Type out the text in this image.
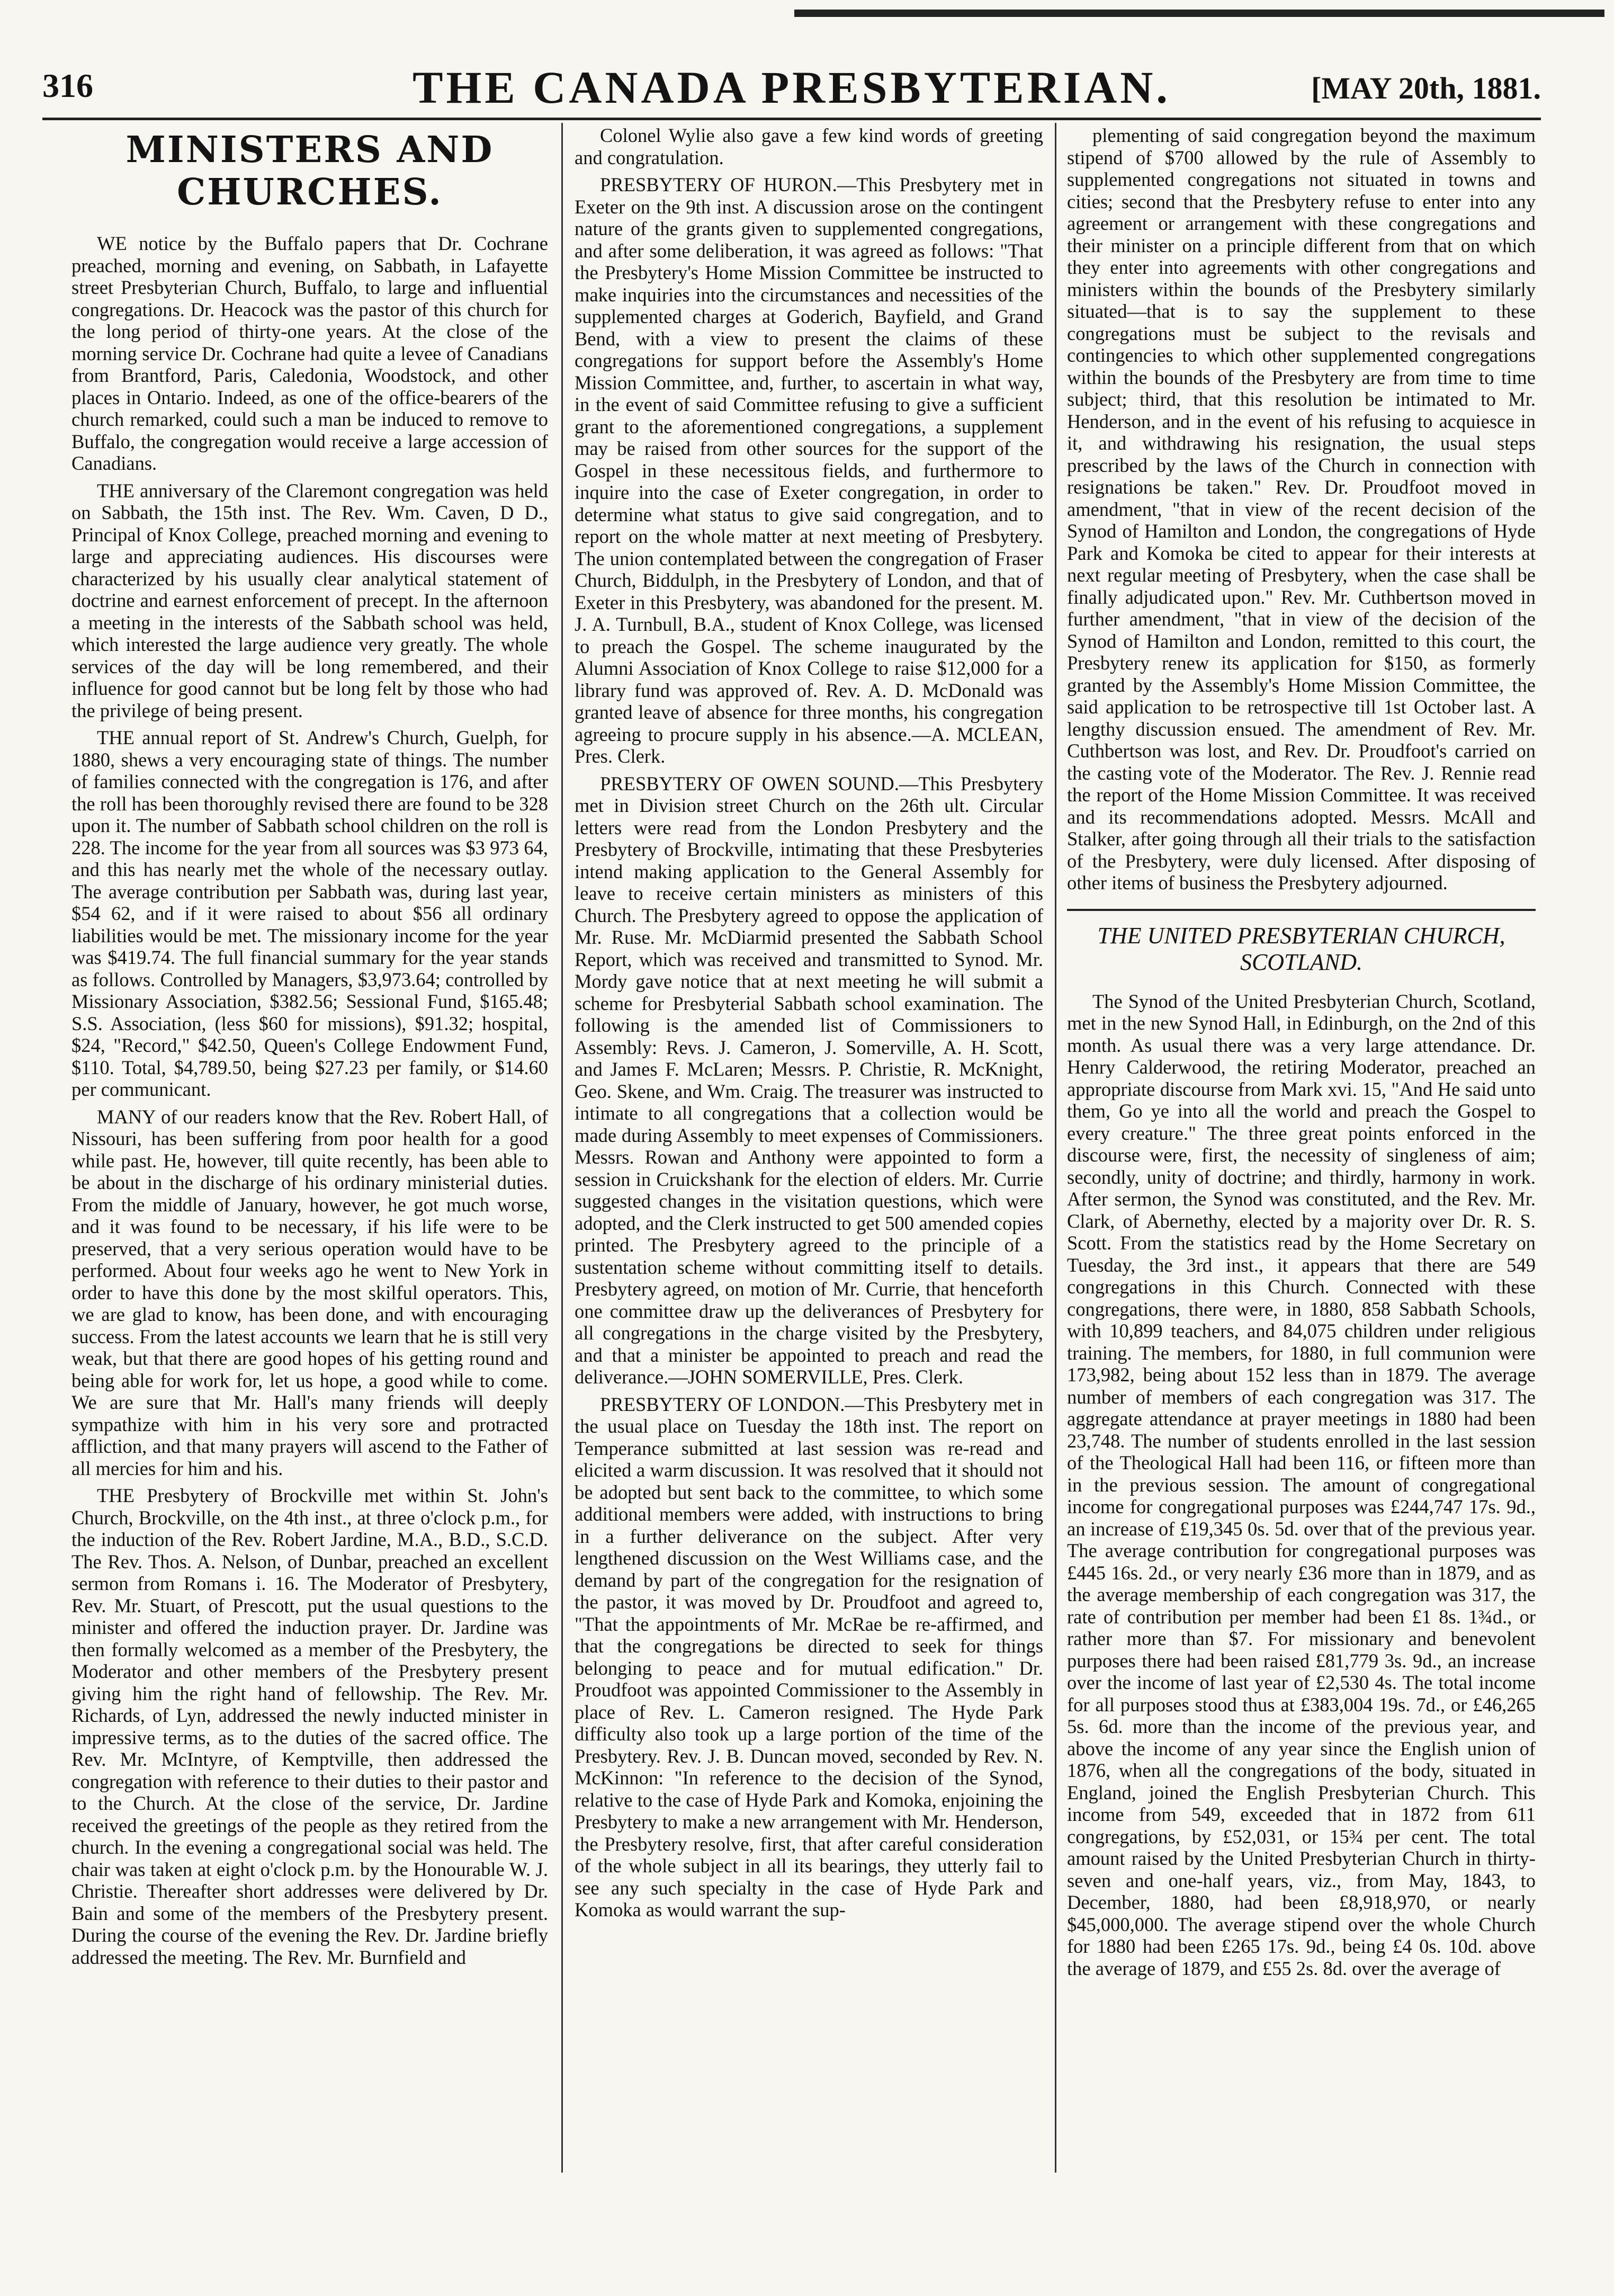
316	THE CANADA PRESBYTERIAN.	[MAY 20th, 1881.
MINISTERS AND CHURCHES.

WE notice by the Buffalo papers that Dr. Cochrane preached, morning and evening, on Sabbath, in Lafayette street Presbyterian Church, Buffalo, to large and influential congregations. Dr. Heacock was the pastor of this church for the long period of thirty-one years. At the close of the morning service Dr. Cochrane had quite a levee of Canadians from Brantford, Paris, Caledonia, Woodstock, and other places in Ontario. Indeed, as one of the office-bearers of the church remarked, could such a man be induced to remove to Buffalo, the congregation would receive a large accession of Canadians.

THE anniversary of the Claremont congregation was held on Sabbath, the 15th inst. The Rev. Wm. Caven, D D., Principal of Knox College, preached morning and evening to large and appreciating audiences. His discourses were characterized by his usually clear analytical statement of doctrine and earnest enforcement of precept. In the afternoon a meeting in the interests of the Sabbath school was held, which interested the large audience very greatly. The whole services of the day will be long remembered, and their influence for good cannot but be long felt by those who had the privilege of being present.

THE annual report of St. Andrew's Church, Guelph, for 1880, shews a very encouraging state of things. The number of families connected with the congregation is 176, and after the roll has been thoroughly revised there are found to be 328 upon it. The number of Sabbath school children on the roll is 228. The income for the year from all sources was $3 973 64, and this has nearly met the whole of the necessary outlay. The average contribution per Sabbath was, during last year, $54 62, and if it were raised to about $56 all ordinary liabilities would be met. The missionary income for the year was $419.74. The full financial summary for the year stands as follows. Controlled by Managers, $3,973.64; controlled by Missionary Association, $382.56; Sessional Fund, $165.48; S.S. Association, (less $60 for missions), $91.32; hospital, $24, "Record," $42.50, Queen's College Endowment Fund, $110. Total, $4,789.50, being $27.23 per family, or $14.60 per communicant.

MANY of our readers know that the Rev. Robert Hall, of Nissouri, has been suffering from poor health for a good while past. He, however, till quite recently, has been able to be about in the discharge of his ordinary ministerial duties. From the middle of January, however, he got much worse, and it was found to be necessary, if his life were to be preserved, that a very serious operation would have to be performed. About four weeks ago he went to New York in order to have this done by the most skilful operators. This, we are glad to know, has been done, and with encouraging success. From the latest accounts we learn that he is still very weak, but that there are good hopes of his getting round and being able for work for, let us hope, a good while to come. We are sure that Mr. Hall's many friends will deeply sympathize with him in his very sore and protracted affliction, and that many prayers will ascend to the Father of all mercies for him and his.

THE Presbytery of Brockville met within St. John's Church, Brockville, on the 4th inst., at three o'clock p.m., for the induction of the Rev. Robert Jardine, M.A., B.D., S.C.D. The Rev. Thos. A. Nelson, of Dunbar, preached an excellent sermon from Romans i. 16. The Moderator of Presbytery, Rev. Mr. Stuart, of Prescott, put the usual questions to the minister and offered the induction prayer. Dr. Jardine was then formally welcomed as a member of the Presbytery, the Moderator and other members of the Presbytery present giving him the right hand of fellowship. The Rev. Mr. Richards, of Lyn, addressed the newly inducted minister in impressive terms, as to the duties of the sacred office. The Rev. Mr. McIntyre, of Kemptville, then addressed the congregation with reference to their duties to their pastor and to the Church. At the close of the service, Dr. Jardine received the greetings of the people as they retired from the church. In the evening a congregational social was held. The chair was taken at eight o'clock p.m. by the Honourable W. J. Christie. Thereafter short addresses were delivered by Dr. Bain and some of the members of the Presbytery present. During the course of the evening the Rev. Dr. Jardine briefly addressed the meeting. The Rev. Mr. Burnfield and

Colonel Wylie also gave a few kind words of greeting and congratulation.

PRESBYTERY OF HURON.—This Presbytery met in Exeter on the 9th inst. A discussion arose on the contingent nature of the grants given to supplemented congregations, and after some deliberation, it was agreed as follows: "That the Presbytery's Home Mission Committee be instructed to make inquiries into the circumstances and necessities of the supplemented charges at Goderich, Bayfield, and Grand Bend, with a view to present the claims of these congregations for support before the Assembly's Home Mission Committee, and, further, to ascertain in what way, in the event of said Committee refusing to give a sufficient grant to the aforementioned congregations, a supplement may be raised from other sources for the support of the Gospel in these necessitous fields, and furthermore to inquire into the case of Exeter congregation, in order to determine what status to give said congregation, and to report on the whole matter at next meeting of Presbytery. The union contemplated between the congregation of Fraser Church, Biddulph, in the Presbytery of London, and that of Exeter in this Presbytery, was abandoned for the present. M. J. A. Turnbull, B.A., student of Knox College, was licensed to preach the Gospel. The scheme inaugurated by the Alumni Association of Knox College to raise $12,000 for a library fund was approved of. Rev. A. D. McDonald was granted leave of absence for three months, his congregation agreeing to procure supply in his absence.—A. MCLEAN, Pres. Clerk.

PRESBYTERY OF OWEN SOUND.—This Presbytery met in Division street Church on the 26th ult. Circular letters were read from the London Presbytery and the Presbytery of Brockville, intimating that these Presbyteries intend making application to the General Assembly for leave to receive certain ministers as ministers of this Church. The Presbytery agreed to oppose the application of Mr. Ruse. Mr. McDiarmid presented the Sabbath School Report, which was received and transmitted to Synod. Mr. Mordy gave notice that at next meeting he will submit a scheme for Presbyterial Sabbath school examination. The following is the amended list of Commissioners to Assembly: Revs. J. Cameron, J. Somerville, A. H. Scott, and James F. McLaren; Messrs. P. Christie, R. McKnight, Geo. Skene, and Wm. Craig. The treasurer was instructed to intimate to all congregations that a collection would be made during Assembly to meet expenses of Commissioners. Messrs. Rowan and Anthony were appointed to form a session in Cruickshank for the election of elders. Mr. Currie suggested changes in the visitation questions, which were adopted, and the Clerk instructed to get 500 amended copies printed. The Presbytery agreed to the principle of a sustentation scheme without committing itself to details. Presbytery agreed, on motion of Mr. Currie, that henceforth one committee draw up the deliverances of Presbytery for all congregations in the charge visited by the Presbytery, and that a minister be appointed to preach and read the deliverance.—JOHN SOMERVILLE, Pres. Clerk.

PRESBYTERY OF LONDON.—This Presbytery met in the usual place on Tuesday the 18th inst. The report on Temperance submitted at last session was re-read and elicited a warm discussion. It was resolved that it should not be adopted but sent back to the committee, to which some additional members were added, with instructions to bring in a further deliverance on the subject. After very lengthened discussion on the West Williams case, and the demand by part of the congregation for the resignation of the pastor, it was moved by Dr. Proudfoot and agreed to, "That the appointments of Mr. McRae be re-affirmed, and that the congregations be directed to seek for things belonging to peace and for mutual edification." Dr. Proudfoot was appointed Commissioner to the Assembly in place of Rev. L. Cameron resigned. The Hyde Park difficulty also took up a large portion of the time of the Presbytery. Rev. J. B. Duncan moved, seconded by Rev. N. McKinnon: "In reference to the decision of the Synod, relative to the case of Hyde Park and Komoka, enjoining the Presbytery to make a new arrangement with Mr. Henderson, the Presbytery resolve, first, that after careful consideration of the whole subject in all its bearings, they utterly fail to see any such specialty in the case of Hyde Park and Komoka as would warrant the sup-

plementing of said congregation beyond the maximum stipend of $700 allowed by the rule of Assembly to supplemented congregations not situated in towns and cities; second that the Presbytery refuse to enter into any agreement or arrangement with these congregations and their minister on a principle different from that on which they enter into agreements with other congregations and ministers within the bounds of the Presbytery similarly situated—that is to say the supplement to these congregations must be subject to the revisals and contingencies to which other supplemented congregations within the bounds of the Presbytery are from time to time subject; third, that this resolution be intimated to Mr. Henderson, and in the event of his refusing to acquiesce in it, and withdrawing his resignation, the usual steps prescribed by the laws of the Church in connection with resignations be taken." Rev. Dr. Proudfoot moved in amendment, "that in view of the recent decision of the Synod of Hamilton and London, the congregations of Hyde Park and Komoka be cited to appear for their interests at next regular meeting of Presbytery, when the case shall be finally adjudicated upon." Rev. Mr. Cuthbertson moved in further amendment, "that in view of the decision of the Synod of Hamilton and London, remitted to this court, the Presbytery renew its application for $150, as formerly granted by the Assembly's Home Mission Committee, the said application to be retrospective till 1st October last. A lengthy discussion ensued. The amendment of Rev. Mr. Cuthbertson was lost, and Rev. Dr. Proudfoot's carried on the casting vote of the Moderator. The Rev. J. Rennie read the report of the Home Mission Committee. It was received and its recommendations adopted. Messrs. McAll and Stalker, after going through all their trials to the satisfaction of the Presbytery, were duly licensed. After disposing of other items of business the Presbytery adjourned.

THE UNITED PRESBYTERIAN CHURCH, SCOTLAND.

The Synod of the United Presbyterian Church, Scotland, met in the new Synod Hall, in Edinburgh, on the 2nd of this month. As usual there was a very large attendance. Dr. Henry Calderwood, the retiring Moderator, preached an appropriate discourse from Mark xvi. 15, "And He said unto them, Go ye into all the world and preach the Gospel to every creature." The three great points enforced in the discourse were, first, the necessity of singleness of aim; secondly, unity of doctrine; and thirdly, harmony in work. After sermon, the Synod was constituted, and the Rev. Mr. Clark, of Abernethy, elected by a majority over Dr. R. S. Scott. From the statistics read by the Home Secretary on Tuesday, the 3rd inst., it appears that there are 549 congregations in this Church. Connected with these congregations, there were, in 1880, 858 Sabbath Schools, with 10,899 teachers, and 84,075 children under religious training. The members, for 1880, in full communion were 173,982, being about 152 less than in 1879. The average number of members of each congregation was 317. The aggregate attendance at prayer meetings in 1880 had been 23,748. The number of students enrolled in the last session of the Theological Hall had been 116, or fifteen more than in the previous session. The amount of congregational income for congregational purposes was £244,747 17s. 9d., an increase of £19,345 0s. 5d. over that of the previous year. The average contribution for congregational purposes was £445 16s. 2d., or very nearly £36 more than in 1879, and as the average membership of each congregation was 317, the rate of contribution per member had been £1 8s. 1¾d., or rather more than $7. For missionary and benevolent purposes there had been raised £81,779 3s. 9d., an increase over the income of last year of £2,530 4s. The total income for all purposes stood thus at £383,004 19s. 7d., or £46,265 5s. 6d. more than the income of the previous year, and above the income of any year since the English union of 1876, when all the congregations of the body, situated in England, joined the English Presbyterian Church. This income from 549, exceeded that in 1872 from 611 congregations, by £52,031, or 15¾ per cent. The total amount raised by the United Presbyterian Church in thirty-seven and one-half years, viz., from May, 1843, to December, 1880, had been £8,918,970, or nearly $45,000,000. The average stipend over the whole Church for 1880 had been £265 17s. 9d., being £4 0s. 10d. above the average of 1879, and £55 2s. 8d. over the average of
